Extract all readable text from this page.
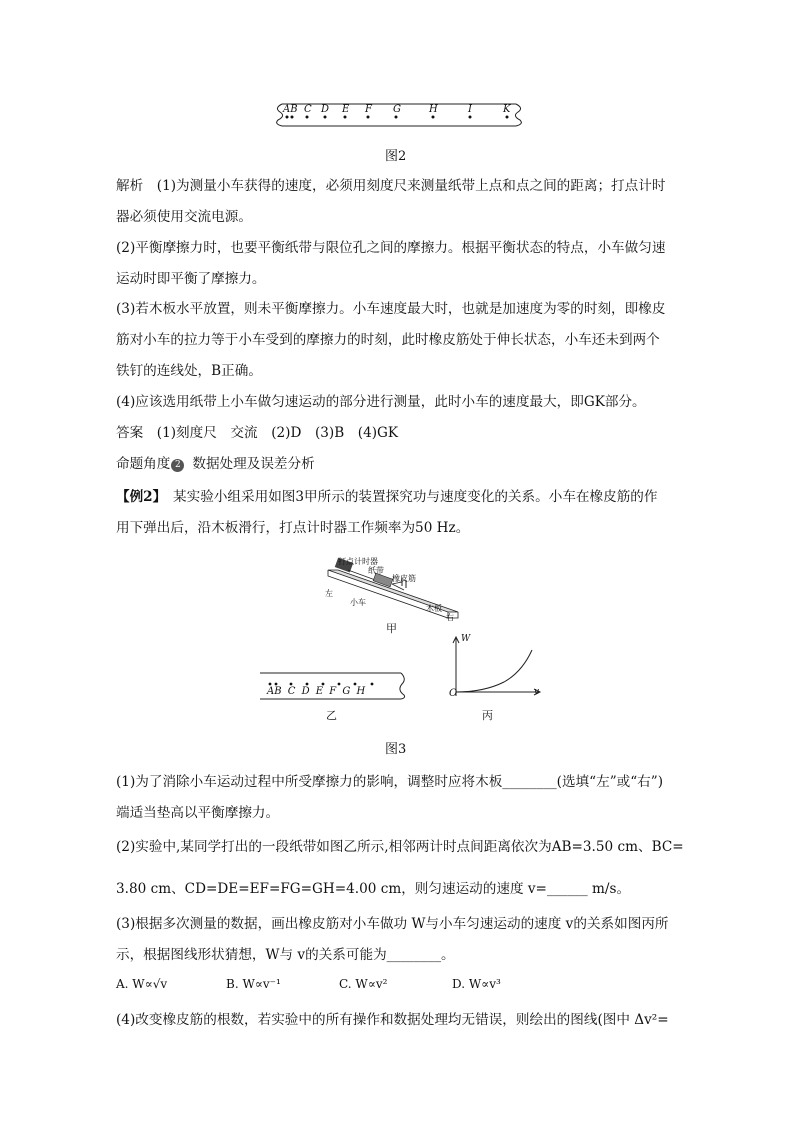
AB C D E F G	H	I	K
图2
解析　(1)为测量小车获得的速度，必须用刻度尺来测量纸带上点和点之间的距离；打点计时
器必须使用交流电源。
(2)平衡摩擦力时，也要平衡纸带与限位孔之间的摩擦力。根据平衡状态的特点，小车做匀速
运动时即平衡了摩擦力。
(3)若木板水平放置，则未平衡摩擦力。小车速度最大时，也就是加速度为零的时刻，即橡皮
筋对小车的拉力等于小车受到的摩擦力的时刻，此时橡皮筋处于伸长状态，小车还未到两个
铁钉的连线处，B正确。
(4)应该选用纸带上小车做匀速运动的部分进行测量，此时小车的速度最大，即GK部分。
答案　(1)刻度尺　交流　(2)D　(3)B　(4)GK
命题角度 2 数据处理及误差分析
【例2】　某实验小组采用如图3甲所示的装置探究功与速度变化的关系。小车在橡皮筋的作
用下弹出后，沿木板滑行，打点计时器工作频率为50 Hz。
打点计时器
纸带
橡皮筋
左
小车
木板
右
甲
AB C D E F G H
乙
W
v
O
丙
图3
(1)为了消除小车运动过程中所受摩擦力的影响，调整时应将木板________(选填“左”或“右”)
端适当垫高以平衡摩擦力。
(2)实验中,某同学打出的一段纸带如图乙所示,相邻两计时点间距离依次为AB=3.50 cm、BC=
3.80 cm、CD=DE=EF=FG=GH=4.00 cm，则匀速运动的速度 v=______ m/s。
(3)根据多次测量的数据，画出橡皮筋对小车做功 W与小车匀速运动的速度 v的关系如图丙所
示，根据图线形状猜想，W与 v的关系可能为________。
A. W∝√v	B. W∝v⁻¹	C. W∝v²	D. W∝v³
(4)改变橡皮筋的根数，若实验中的所有操作和数据处理均无错误，则绘出的图线(图中 Δv²=
